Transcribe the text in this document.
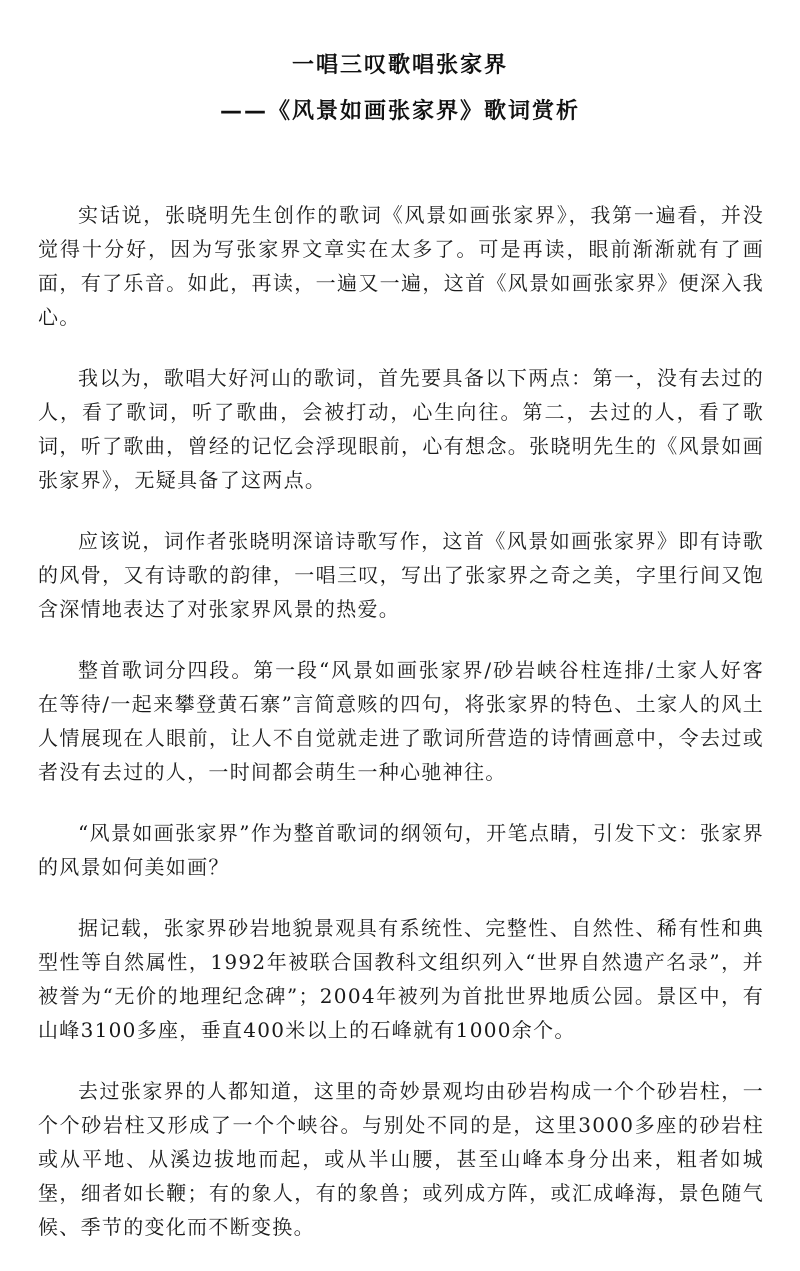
一唱三叹歌唱张家界
——《风景如画张家界》歌词赏析

实话说，张晓明先生创作的歌词《风景如画张家界》，我第一遍看，并没觉得十分好，因为写张家界文章实在太多了。可是再读，眼前渐渐就有了画面，有了乐音。如此，再读，一遍又一遍，这首《风景如画张家界》便深入我心。

我以为，歌唱大好河山的歌词，首先要具备以下两点：第一，没有去过的人，看了歌词，听了歌曲，会被打动，心生向往。第二，去过的人，看了歌词，听了歌曲，曾经的记忆会浮现眼前，心有想念。张晓明先生的《风景如画张家界》，无疑具备了这两点。

应该说，词作者张晓明深谙诗歌写作，这首《风景如画张家界》即有诗歌的风骨，又有诗歌的韵律，一唱三叹，写出了张家界之奇之美，字里行间又饱含深情地表达了对张家界风景的热爱。

整首歌词分四段。第一段“风景如画张家界/砂岩峡谷柱连排/土家人好客在等待/一起来攀登黄石寨”言简意赅的四句，将张家界的特色、土家人的风土人情展现在人眼前，让人不自觉就走进了歌词所营造的诗情画意中，令去过或者没有去过的人，一时间都会萌生一种心驰神往。

“风景如画张家界”作为整首歌词的纲领句，开笔点睛，引发下文：张家界的风景如何美如画？

据记载，张家界砂岩地貌景观具有系统性、完整性、自然性、稀有性和典型性等自然属性，1992年被联合国教科文组织列入“世界自然遗产名录”，并被誉为“无价的地理纪念碑”；2004年被列为首批世界地质公园。景区中，有山峰3100多座，垂直400米以上的石峰就有1000余个。

去过张家界的人都知道，这里的奇妙景观均由砂岩构成一个个砂岩柱，一个个砂岩柱又形成了一个个峡谷。与别处不同的是，这里3000多座的砂岩柱或从平地、从溪边拔地而起，或从半山腰，甚至山峰本身分出来，粗者如城堡，细者如长鞭；有的象人，有的象兽；或列成方阵，或汇成峰海，景色随气候、季节的变化而不断变换。
